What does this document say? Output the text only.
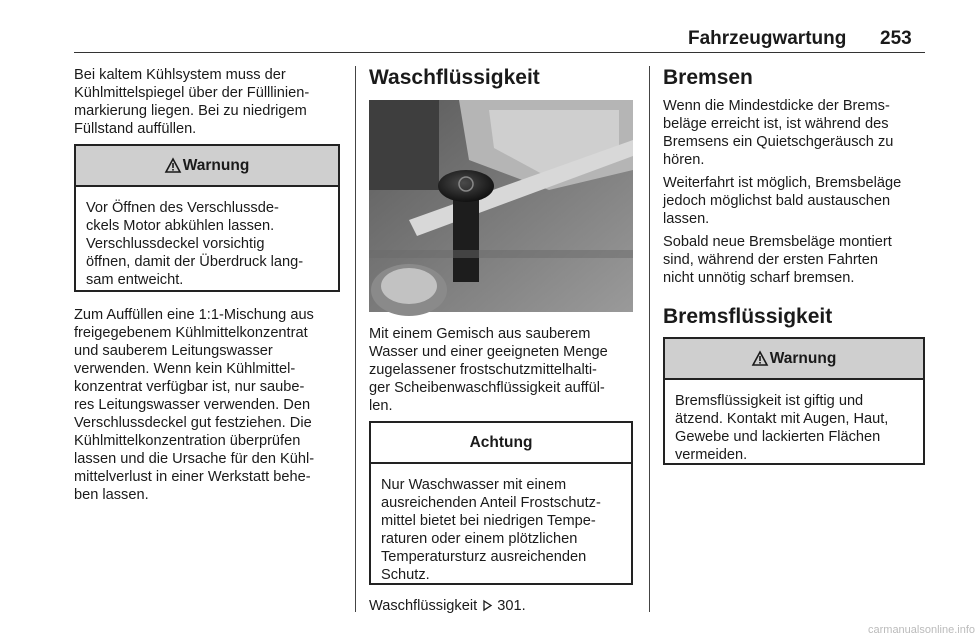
Fahrzeugwartung 253
Bei kaltem Kühlsystem muss der
Kühlmittelspiegel über der Fülllinien-
markierung liegen. Bei zu niedrigem
Füllstand auffüllen.
Warnung
Vor Öffnen des Verschlussde-
ckels Motor abkühlen lassen.
Verschlussdeckel vorsichtig
öffnen, damit der Überdruck lang-
sam entweicht.
Zum Auffüllen eine 1:1-Mischung aus
freigegebenem Kühlmittelkonzentrat
und sauberem Leitungswasser
verwenden. Wenn kein Kühlmittel-
konzentrat verfügbar ist, nur saube-
res Leitungswasser verwenden. Den
Verschlussdeckel gut festziehen. Die
Kühlmittelkonzentration überprüfen
lassen und die Ursache für den Kühl-
mittelverlust in einer Werkstatt behe-
ben lassen.
Waschflüssigkeit
Mit einem Gemisch aus sauberem
Wasser und einer geeigneten Menge
zugelassener frostschutzmittelhalti-
ger Scheibenwaschflüssigkeit auffül-
len.
Achtung
Nur Waschwasser mit einem
ausreichenden Anteil Frostschutz-
mittel bietet bei niedrigen Tempe-
raturen oder einem plötzlichen
Temperatursturz ausreichenden
Schutz.
Waschflüssigkeit 301.
Bremsen
Wenn die Mindestdicke der Brems-
beläge erreicht ist, ist während des
Bremsens ein Quietschgeräusch zu
hören.
Weiterfahrt ist möglich, Bremsbeläge
jedoch möglichst bald austauschen
lassen.
Sobald neue Bremsbeläge montiert
sind, während der ersten Fahrten
nicht unnötig scharf bremsen.
Bremsflüssigkeit
Warnung
Bremsflüssigkeit ist giftig und
ätzend. Kontakt mit Augen, Haut,
Gewebe und lackierten Flächen
vermeiden.
carmanualsonline.info
